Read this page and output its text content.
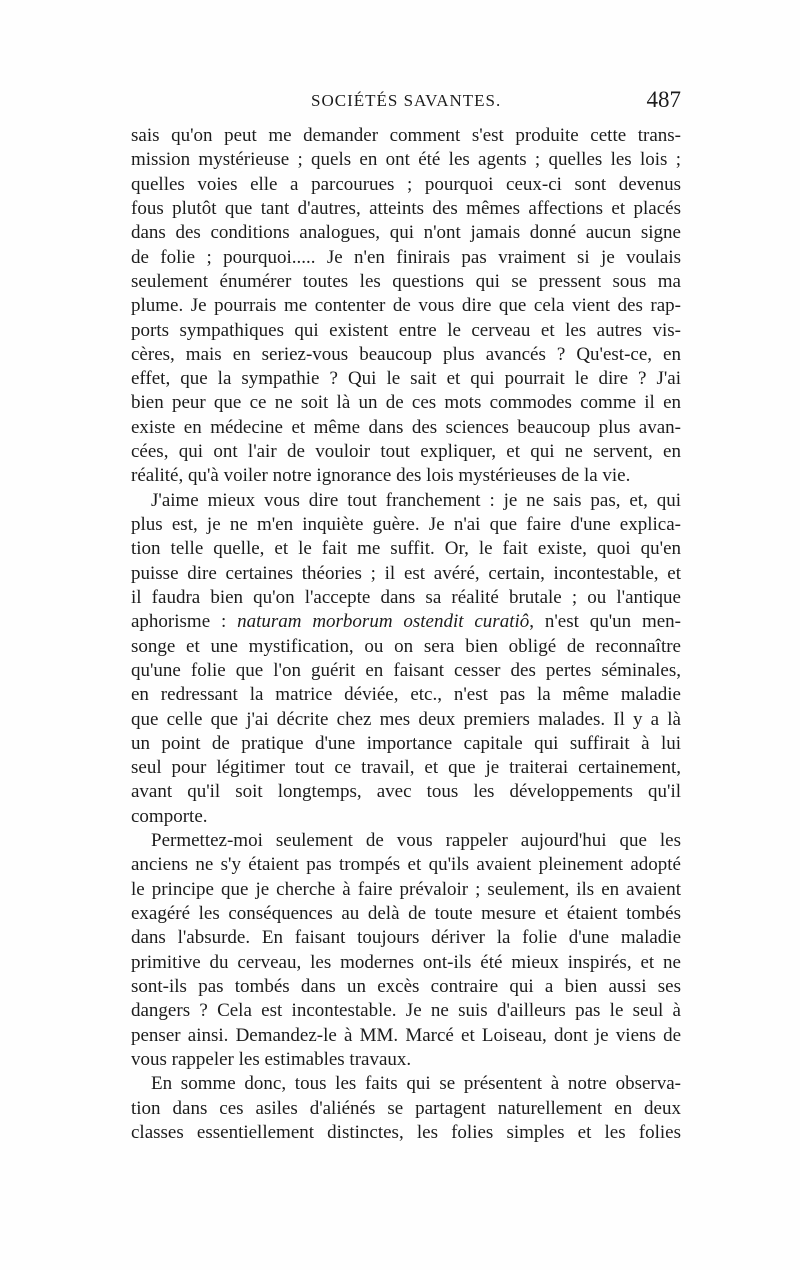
SOCIÉTÉS SAVANTES.	487
sais qu'on peut me demander comment s'est produite cette trans-
mission mystérieuse ; quels en ont été les agents ; quelles les lois ;
quelles voies elle a parcourues ; pourquoi ceux-ci sont devenus
fous plutôt que tant d'autres, atteints des mêmes affections et placés
dans des conditions analogues, qui n'ont jamais donné aucun signe
de folie ; pourquoi..... Je n'en finirais pas vraiment si je voulais
seulement énumérer toutes les questions qui se pressent sous ma
plume. Je pourrais me contenter de vous dire que cela vient des rap-
ports sympathiques qui existent entre le cerveau et les autres vis-
cères, mais en seriez-vous beaucoup plus avancés ? Qu'est-ce, en
effet, que la sympathie ? Qui le sait et qui pourrait le dire ? J'ai
bien peur que ce ne soit là un de ces mots commodes comme il en
existe en médecine et même dans des sciences beaucoup plus avan-
cées, qui ont l'air de vouloir tout expliquer, et qui ne servent, en
réalité, qu'à voiler notre ignorance des lois mystérieuses de la vie.
J'aime mieux vous dire tout franchement : je ne sais pas, et, qui
plus est, je ne m'en inquiète guère. Je n'ai que faire d'une explica-
tion telle quelle, et le fait me suffit. Or, le fait existe, quoi qu'en
puisse dire certaines théories ; il est avéré, certain, incontestable, et
il faudra bien qu'on l'accepte dans sa réalité brutale ; ou l'antique
aphorisme : naturam morborum ostendit curatiô, n'est qu'un men-
songe et une mystification, ou on sera bien obligé de reconnaître
qu'une folie que l'on guérit en faisant cesser des pertes séminales,
en redressant la matrice déviée, etc., n'est pas la même maladie
que celle que j'ai décrite chez mes deux premiers malades. Il y a là
un point de pratique d'une importance capitale qui suffirait à lui
seul pour légitimer tout ce travail, et que je traiterai certainement,
avant qu'il soit longtemps, avec tous les développements qu'il
comporte.
Permettez-moi seulement de vous rappeler aujourd'hui que les
anciens ne s'y étaient pas trompés et qu'ils avaient pleinement adopté
le principe que je cherche à faire prévaloir ; seulement, ils en avaient
exagéré les conséquences au delà de toute mesure et étaient tombés
dans l'absurde. En faisant toujours dériver la folie d'une maladie
primitive du cerveau, les modernes ont-ils été mieux inspirés, et ne
sont-ils pas tombés dans un excès contraire qui a bien aussi ses
dangers ? Cela est incontestable. Je ne suis d'ailleurs pas le seul à
penser ainsi. Demandez-le à MM. Marcé et Loiseau, dont je viens de
vous rappeler les estimables travaux.
En somme donc, tous les faits qui se présentent à notre observa-
tion dans ces asiles d'aliénés se partagent naturellement en deux
classes essentiellement distinctes, les folies simples et les folies
